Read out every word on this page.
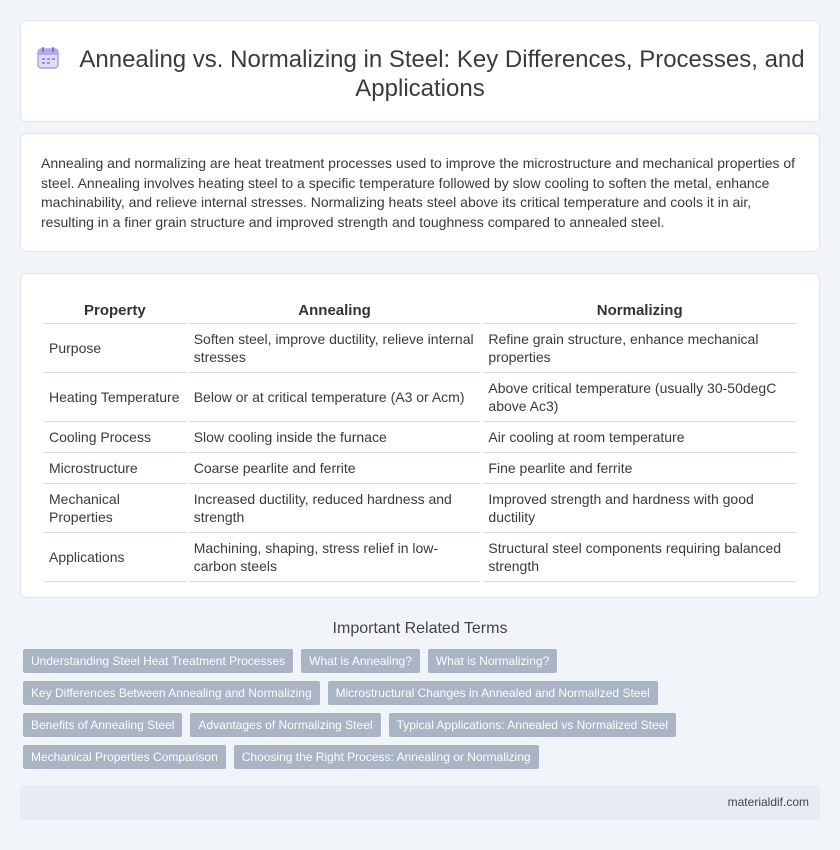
Annealing vs. Normalizing in Steel: Key Differences, Processes, and Applications

Annealing and normalizing are heat treatment processes used to improve the microstructure and mechanical properties of steel. Annealing involves heating steel to a specific temperature followed by slow cooling to soften the metal, enhance machinability, and relieve internal stresses. Normalizing heats steel above its critical temperature and cools it in air, resulting in a finer grain structure and improved strength and toughness compared to annealed steel.

Property	Annealing	Normalizing
Purpose	Soften steel, improve ductility, relieve internal stresses	Refine grain structure, enhance mechanical properties
Heating Temperature	Below or at critical temperature (A3 or Acm)	Above critical temperature (usually 30-50degC above Ac3)
Cooling Process	Slow cooling inside the furnace	Air cooling at room temperature
Microstructure	Coarse pearlite and ferrite	Fine pearlite and ferrite
Mechanical Properties	Increased ductility, reduced hardness and strength	Improved strength and hardness with good ductility
Applications	Machining, shaping, stress relief in low-carbon steels	Structural steel components requiring balanced strength
Important Related Terms
Understanding Steel Heat Treatment Processes	What is Annealing?	What is Normalizing?
Key Differences Between Annealing and Normalizing	Microstructural Changes in Annealed and Normalized Steel
Benefits of Annealing Steel	Advantages of Normalizing Steel	Typical Applications: Annealed vs Normalized Steel
Mechanical Properties Comparison	Choosing the Right Process: Annealing or Normalizing
materialdif.com
